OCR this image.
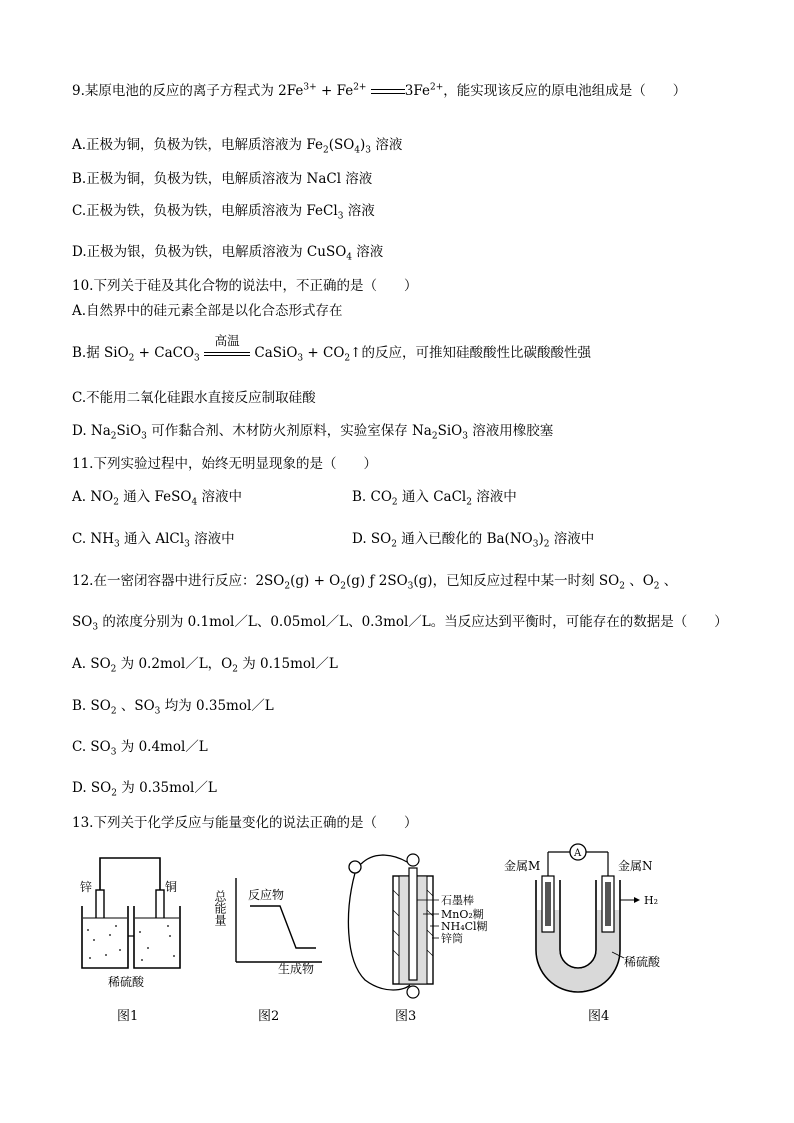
9.某原电池的反应的离子方程式为 $2Fe^{3+} + Fe^{2+}$	$3Fe^{2+}$，能实现该反应的原电池组成是（　　）
A.正极为铜，负极为铁，电解质溶液为 $Fe_2(SO_4)_3$ 溶液
B.正极为铜，负极为铁，电解质溶液为 NaCl 溶液
C.正极为铁，负极为铁，电解质溶液为 FeCl$_3$ 溶液
D.正极为银，负极为铁，电解质溶液为 CuSO$_4$ 溶液
10.下列关于硅及其化合物的说法中，不正确的是（　　）
A.自然界中的硅元素全部是以化合态形式存在
B.据 SiO$_2$ + CaCO$_3$
高温
CaSiO$_3$ + $CO_2↑$的反应，可推知硅酸酸性比碳酸酸性强
C.不能用二氧化硅跟水直接反应制取硅酸
D. $Na_2SiO_3$ 可作黏合剂、木材防火剂原料，实验室保存 $Na_2SiO_3$ 溶液用橡胶塞
11.下列实验过程中，始终无明显现象的是（　　）
A. $NO_2$ 通入 FeSO$_4$ 溶液中	B. $CO_2$ 通入 CaCl$_2$ 溶液中
C. $NH_3$ 通入 AlCl$_3$ 溶液中	D. $SO_2$ 通入已酸化的 $Ba(NO_3)_2$ 溶液中
12.在一密闭容器中进行反应：$2SO_2(g) + O_2(g)$ ƒ $2SO_3(g)$，已知反应过程中某一时刻 $SO_2$ 、$O_2$ 、
$SO_3$ 的浓度分别为 0.1mol／L、0.05mol／L、0.3mol／L。当反应达到平衡时，可能存在的数据是（　　）
A. $SO_2$ 为 0.2mol／L，$O_2$ 为 0.15mol／L
B. $SO_2$ 、$SO_3$ 均为 0.35mol／L
C. $SO_3$ 为 0.4mol／L
D. $SO_2$ 为 0.35mol／L
13.下列关于化学反应与能量变化的说法正确的是（　　）
锌	铜
稀硫酸
图1
总能量 反应物
生成物
图2
石墨棒
MnO₂糊
NH₄Cl糊
锌筒
图3
A
金属M	金属N
H₂
稀硫酸
图4
